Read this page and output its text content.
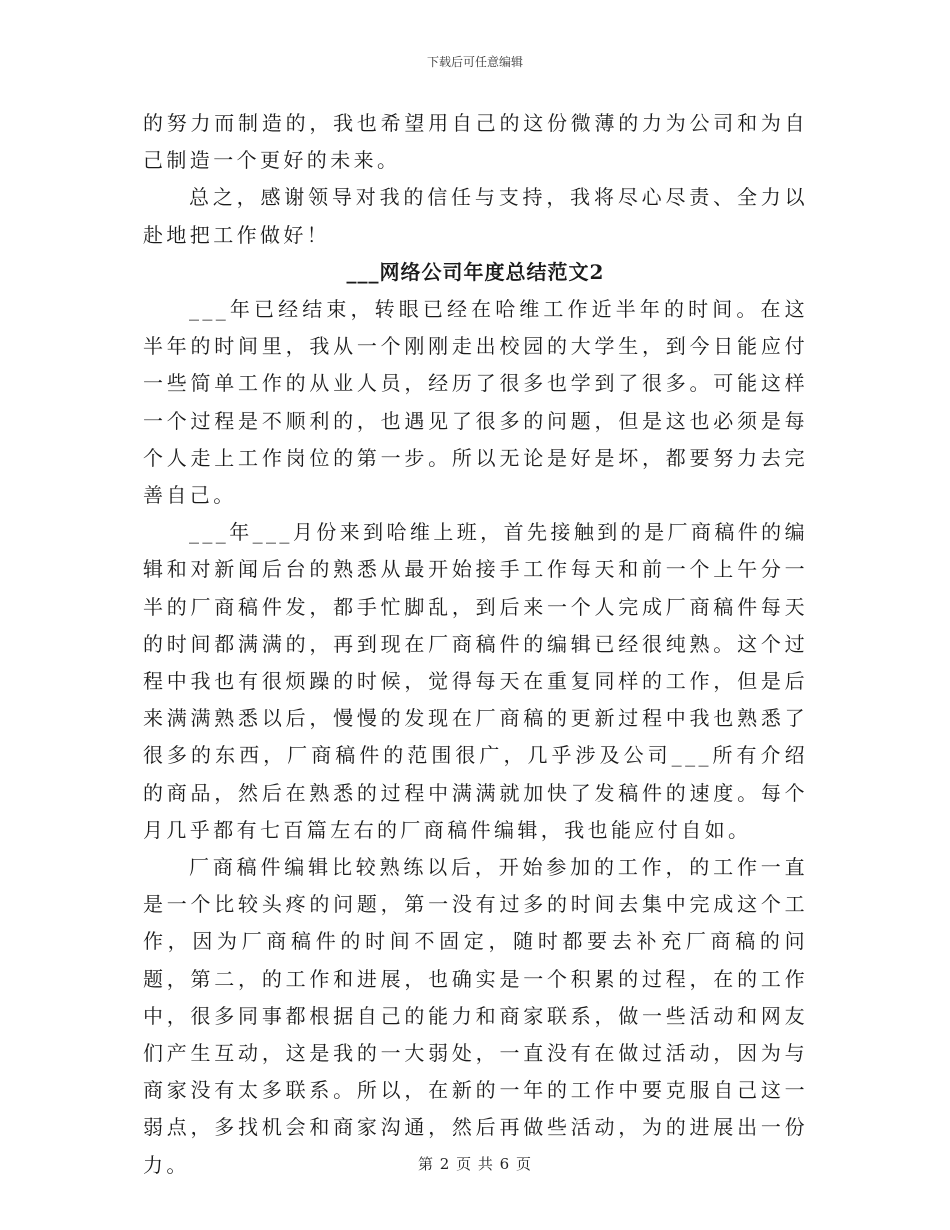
下载后可任意编辑

的努力而制造的，我也希望用自己的这份微薄的力为公司和为自己制造一个更好的未来。

总之，感谢领导对我的信任与支持，我将尽心尽责、全力以赴地把工作做好！

___网络公司年度总结范文2

___年已经结束，转眼已经在哈维工作近半年的时间。在这半年的时间里，我从一个刚刚走出校园的大学生，到今日能应付一些简单工作的从业人员，经历了很多也学到了很多。可能这样一个过程是不顺利的，也遇见了很多的问题，但是这也必须是每个人走上工作岗位的第一步。所以无论是好是坏，都要努力去完善自己。

___年___月份来到哈维上班，首先接触到的是厂商稿件的编辑和对新闻后台的熟悉从最开始接手工作每天和前一个上午分一半的厂商稿件发，都手忙脚乱，到后来一个人完成厂商稿件每天的时间都满满的，再到现在厂商稿件的编辑已经很纯熟。这个过程中我也有很烦躁的时候，觉得每天在重复同样的工作，但是后来满满熟悉以后，慢慢的发现在厂商稿的更新过程中我也熟悉了很多的东西，厂商稿件的范围很广，几乎涉及公司___所有介绍的商品，然后在熟悉的过程中满满就加快了发稿件的速度。每个月几乎都有七百篇左右的厂商稿件编辑，我也能应付自如。

厂商稿件编辑比较熟练以后，开始参加的工作，的工作一直是一个比较头疼的问题，第一没有过多的时间去集中完成这个工作，因为厂商稿件的时间不固定，随时都要去补充厂商稿的问题，第二，的工作和进展，也确实是一个积累的过程，在的工作中，很多同事都根据自己的能力和商家联系，做一些活动和网友们产生互动，这是我的一大弱处，一直没有在做过活动，因为与商家没有太多联系。所以，在新的一年的工作中要克服自己这一弱点，多找机会和商家沟通，然后再做些活动，为的进展出一份力。	第 2 页 共 6 页
